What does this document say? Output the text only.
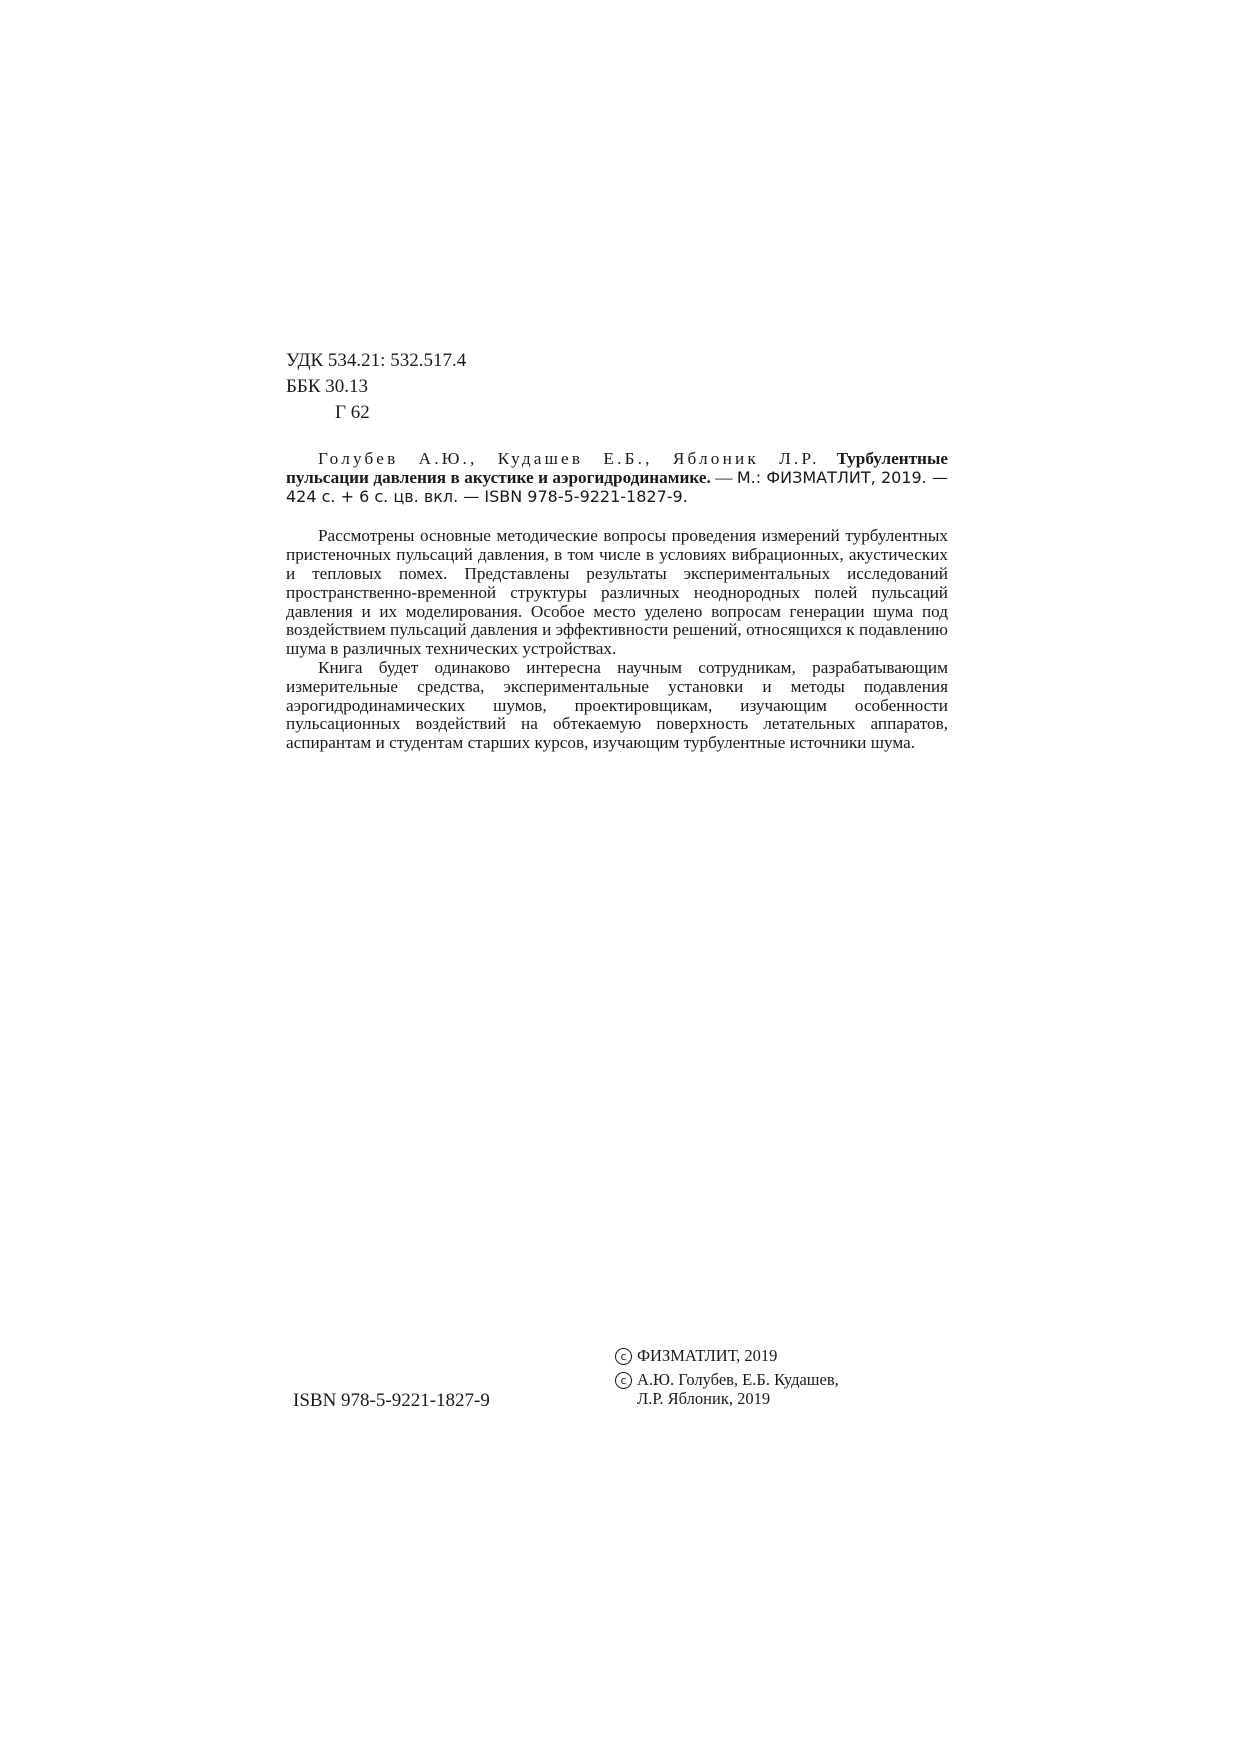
УДК 534.21: 532.517.4
ББК 30.13
Г 62

Голубев А.Ю., Кудашев Е.Б., Яблоник Л.Р. Турбулентные пульсации давления в акустике и аэрогидродинамике. — М.: ФИЗМАТЛИТ, 2019. — 424 с. + 6 с. цв. вкл. — ISBN 978-5-9221-1827-9.

Рассмотрены основные методические вопросы проведения измерений турбулентных пристеночных пульсаций давления, в том числе в условиях вибрационных, акустических и тепловых помех. Представлены результаты экспериментальных исследований пространственно-временной структуры различных неоднородных полей пульсаций давления и их моделирования. Особое место уделено вопросам генерации шума под воздействием пульсаций давления и эффективности решений, относящихся к подавлению шума в различных технических устройствах.

Книга будет одинаково интересна научным сотрудникам, разрабатывающим измерительные средства, экспериментальные установки и методы подавления аэрогидродинамических шумов, проектировщикам, изучающим особенности пульсационных воздействий на обтекаемую поверхность летательных аппаратов, аспирантам и студентам старших курсов, изучающим турбулентные источники шума.

ISBN 978-5-9221-1827-9
c ФИЗМАТЛИТ, 2019
c А.Ю. Голубев, Е.Б. Кудашев,
Л.Р. Яблоник, 2019
